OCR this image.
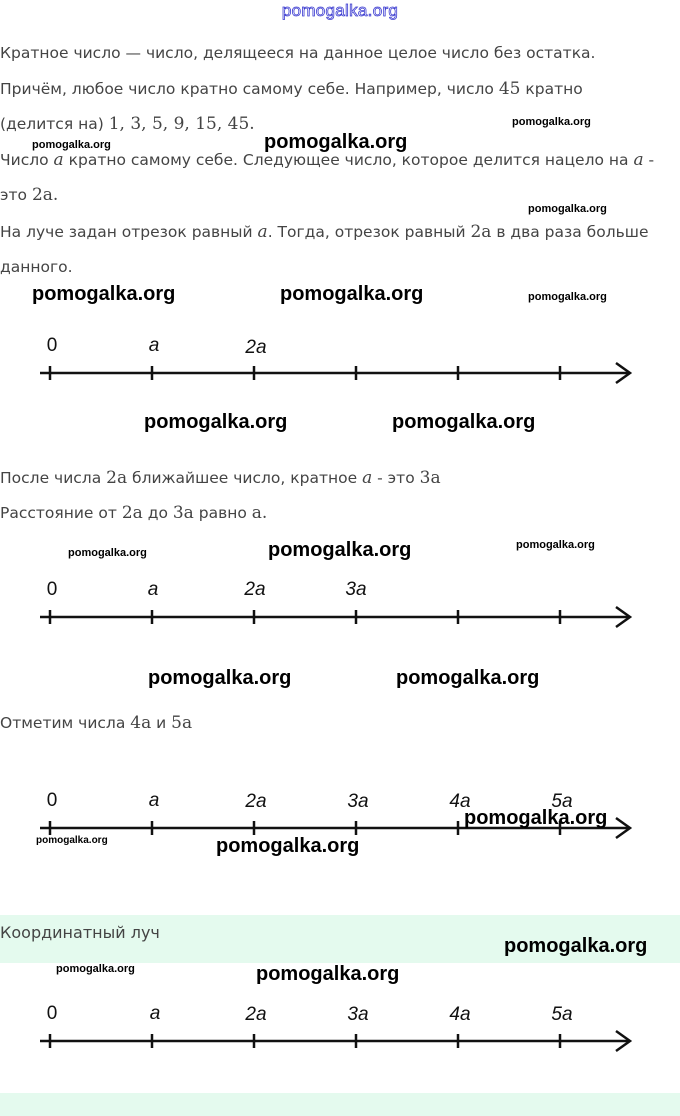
pomogalka.org
Кратное число — число, делящееся на данное целое число без остатка.
Причём, любое число кратно самому себе. Например, число 45 кратно
(делится на) 1, 3, 5, 9, 15, 45.
Число a кратно самому себе. Следующее число, которое делится нацело на a -
это 2a.
На луче задан отрезок равный a. Тогда, отрезок равный 2a в два раза больше
данного.
0	a	2a
После числа 2a ближайшее число, кратное a - это 3a
Расстояние от 2a до 3a равно a.
0	a	2a	3a
Отметим числа 4a и 5a
0	a	2a	3a	4a	5a
Координатный луч
0	a	2a	3a	4a	5a
pomogalka.org	pomogalka.org
pomogalka.org
pomogalka.org
pomogalka.org	pomogalka.org	pomogalka.org
pomogalka.org	pomogalka.org
pomogalka.org	pomogalka.org	pomogalka.org
pomogalka.org	pomogalka.org
pomogalka.org
pomogalka.org	pomogalka.org
pomogalka.org
pomogalka.org	pomogalka.org
